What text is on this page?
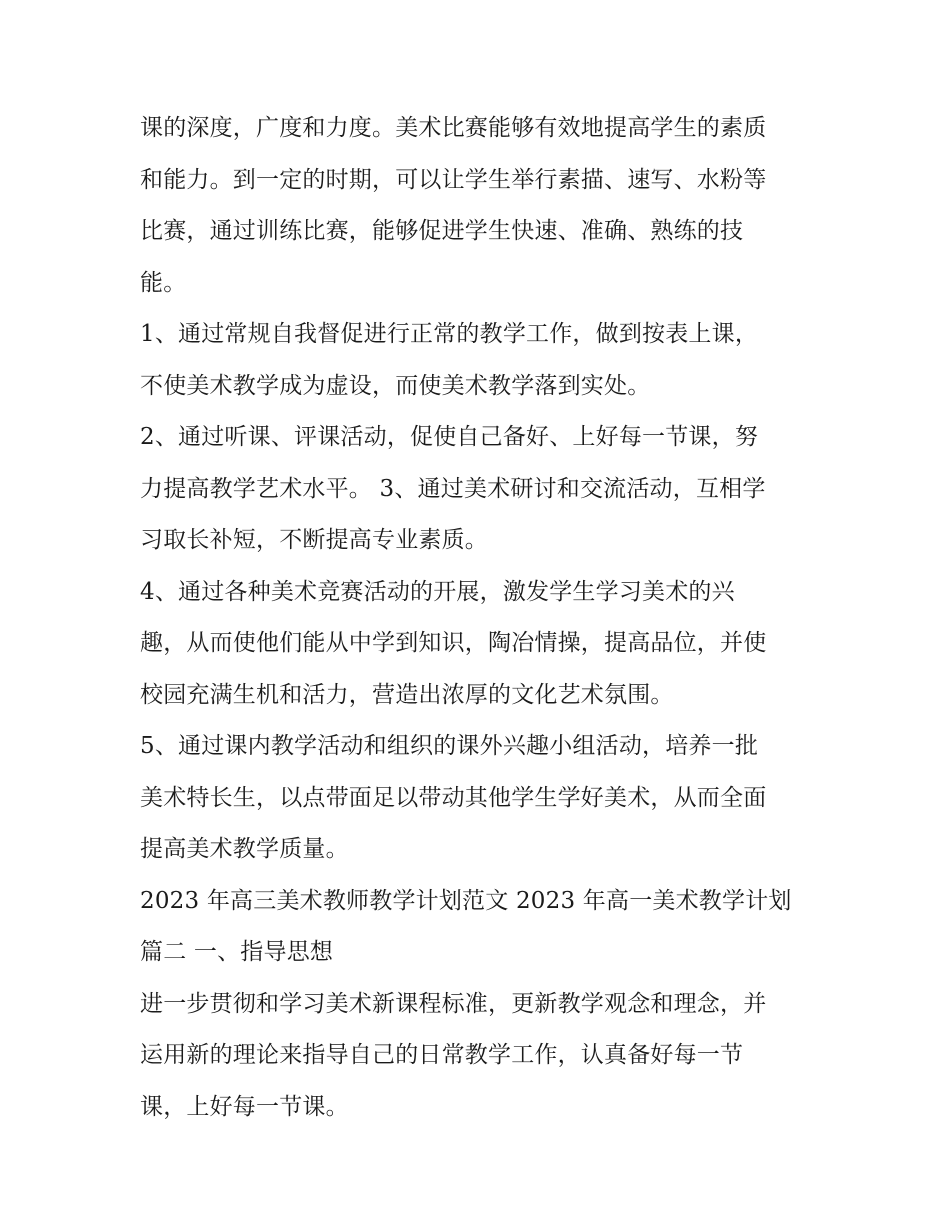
课的深度，广度和力度。美术比赛能够有效地提高学生的素质
和能力。到一定的时期，可以让学生举行素描、速写、水粉等
比赛，通过训练比赛，能够促进学生快速、准确、熟练的技
能。

1、通过常规自我督促进行正常的教学工作，做到按表上课，
不使美术教学成为虚设，而使美术教学落到实处。

2、通过听课、评课活动，促使自己备好、上好每一节课，努
力提高教学艺术水平。 3、通过美术研讨和交流活动，互相学
习取长补短，不断提高专业素质。

4、通过各种美术竞赛活动的开展，激发学生学习美术的兴
趣，从而使他们能从中学到知识，陶冶情操，提高品位，并使
校园充满生机和活力，营造出浓厚的文化艺术氛围。

5、通过课内教学活动和组织的课外兴趣小组活动，培养一批
美术特长生，以点带面足以带动其他学生学好美术，从而全面
提高美术教学质量。

2023 年高三美术教师教学计划范文 2023 年高一美术教学计划
篇二 一、指导思想

进一步贯彻和学习美术新课程标准，更新教学观念和理念，并
运用新的理论来指导自己的日常教学工作，认真备好每一节
课，上好每一节课。
